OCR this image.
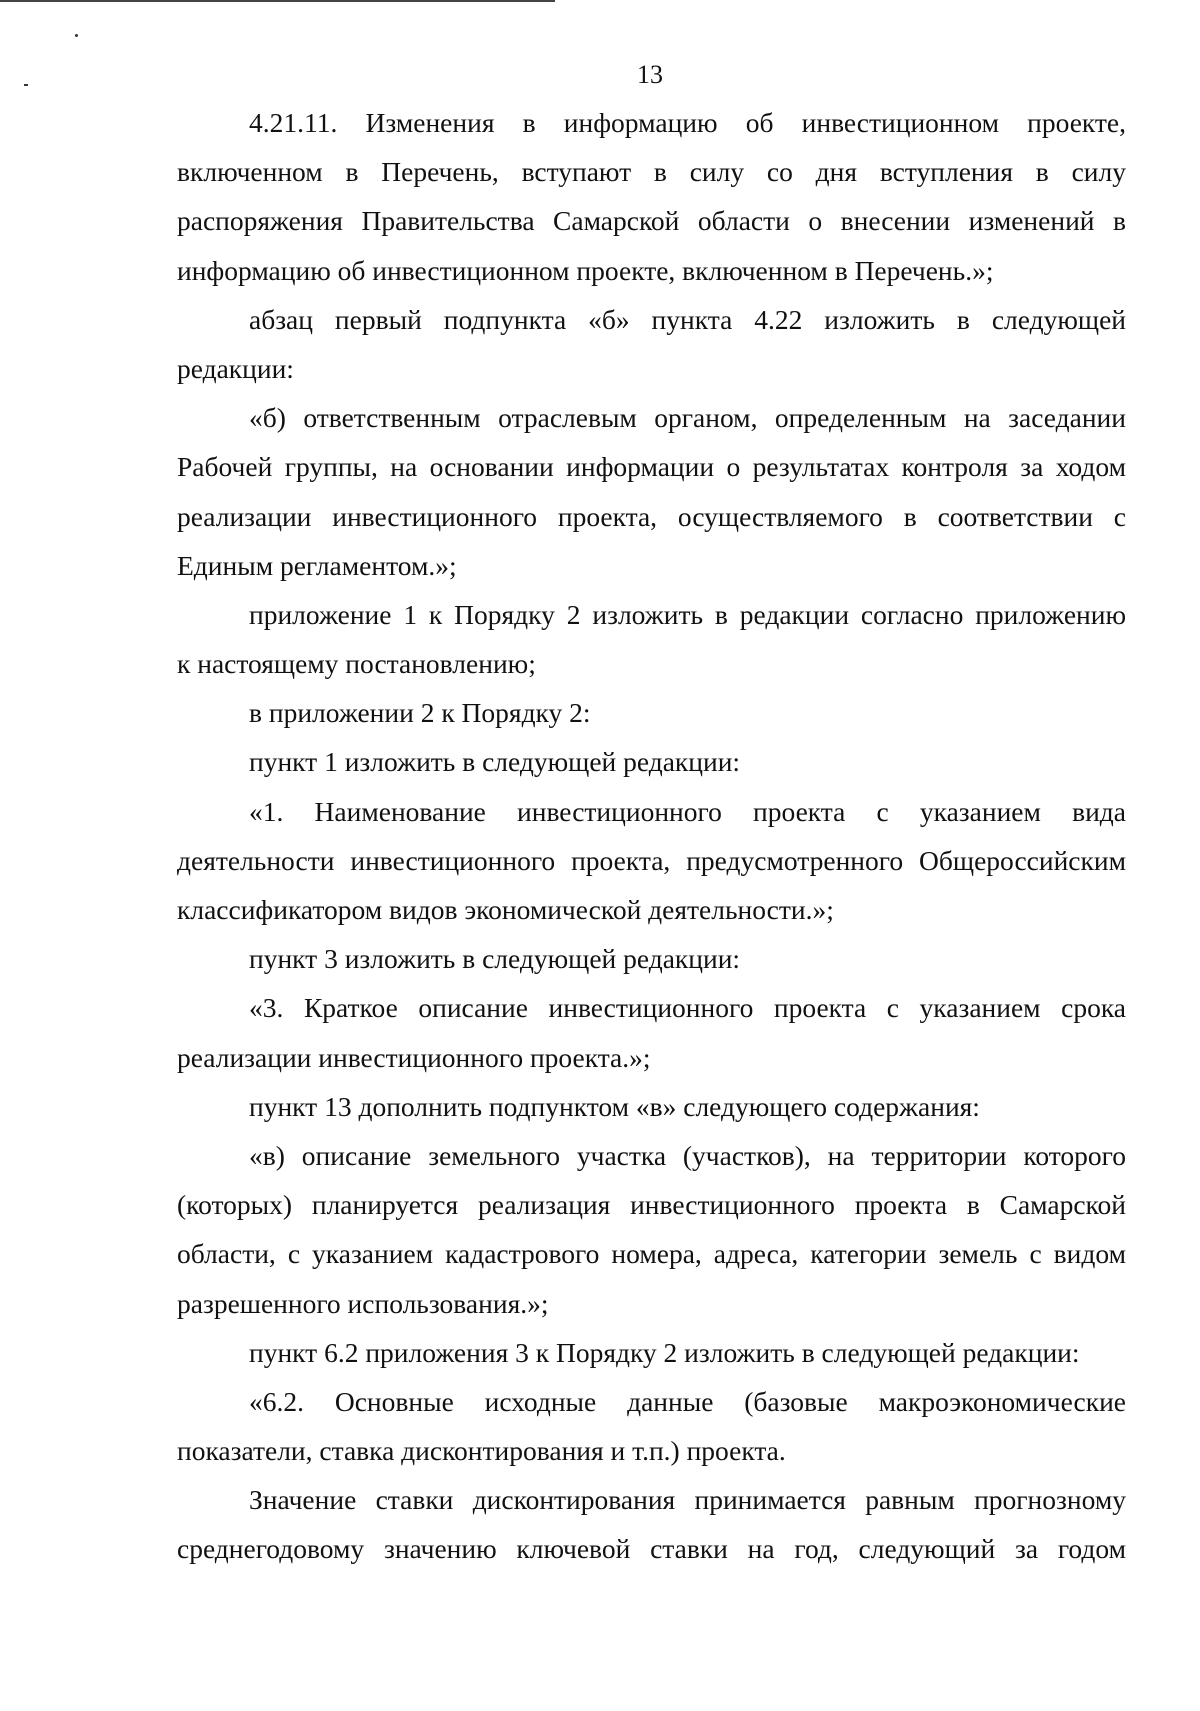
13
4.21.11. Изменения в информацию об инвестиционном проекте,
включенном в Перечень, вступают в силу со дня вступления в силу
распоряжения Правительства Самарской области о внесении изменений в
информацию об инвестиционном проекте, включенном в Перечень.»;
абзац первый подпункта «б» пункта 4.22 изложить в следующей
редакции:
«б) ответственным отраслевым органом, определенным на заседании
Рабочей группы, на основании информации о результатах контроля за ходом
реализации инвестиционного проекта, осуществляемого в соответствии с
Единым регламентом.»;
приложение 1 к Порядку 2 изложить в редакции согласно приложению
к настоящему постановлению;
в приложении 2 к Порядку 2:
пункт 1 изложить в следующей редакции:
«1. Наименование инвестиционного проекта с указанием вида
деятельности инвестиционного проекта, предусмотренного Общероссийским
классификатором видов экономической деятельности.»;
пункт 3 изложить в следующей редакции:
«3. Краткое описание инвестиционного проекта с указанием срока
реализации инвестиционного проекта.»;
пункт 13 дополнить подпунктом «в» следующего содержания:
«в) описание земельного участка (участков), на территории которого
(которых) планируется реализация инвестиционного проекта в Самарской
области, с указанием кадастрового номера, адреса, категории земель с видом
разрешенного использования.»;
пункт 6.2 приложения 3 к Порядку 2 изложить в следующей редакции:
«6.2. Основные исходные данные (базовые макроэкономические
показатели, ставка дисконтирования и т.п.) проекта.
Значение ставки дисконтирования принимается равным прогнозному
среднегодовому значению ключевой ставки на год, следующий за годом
